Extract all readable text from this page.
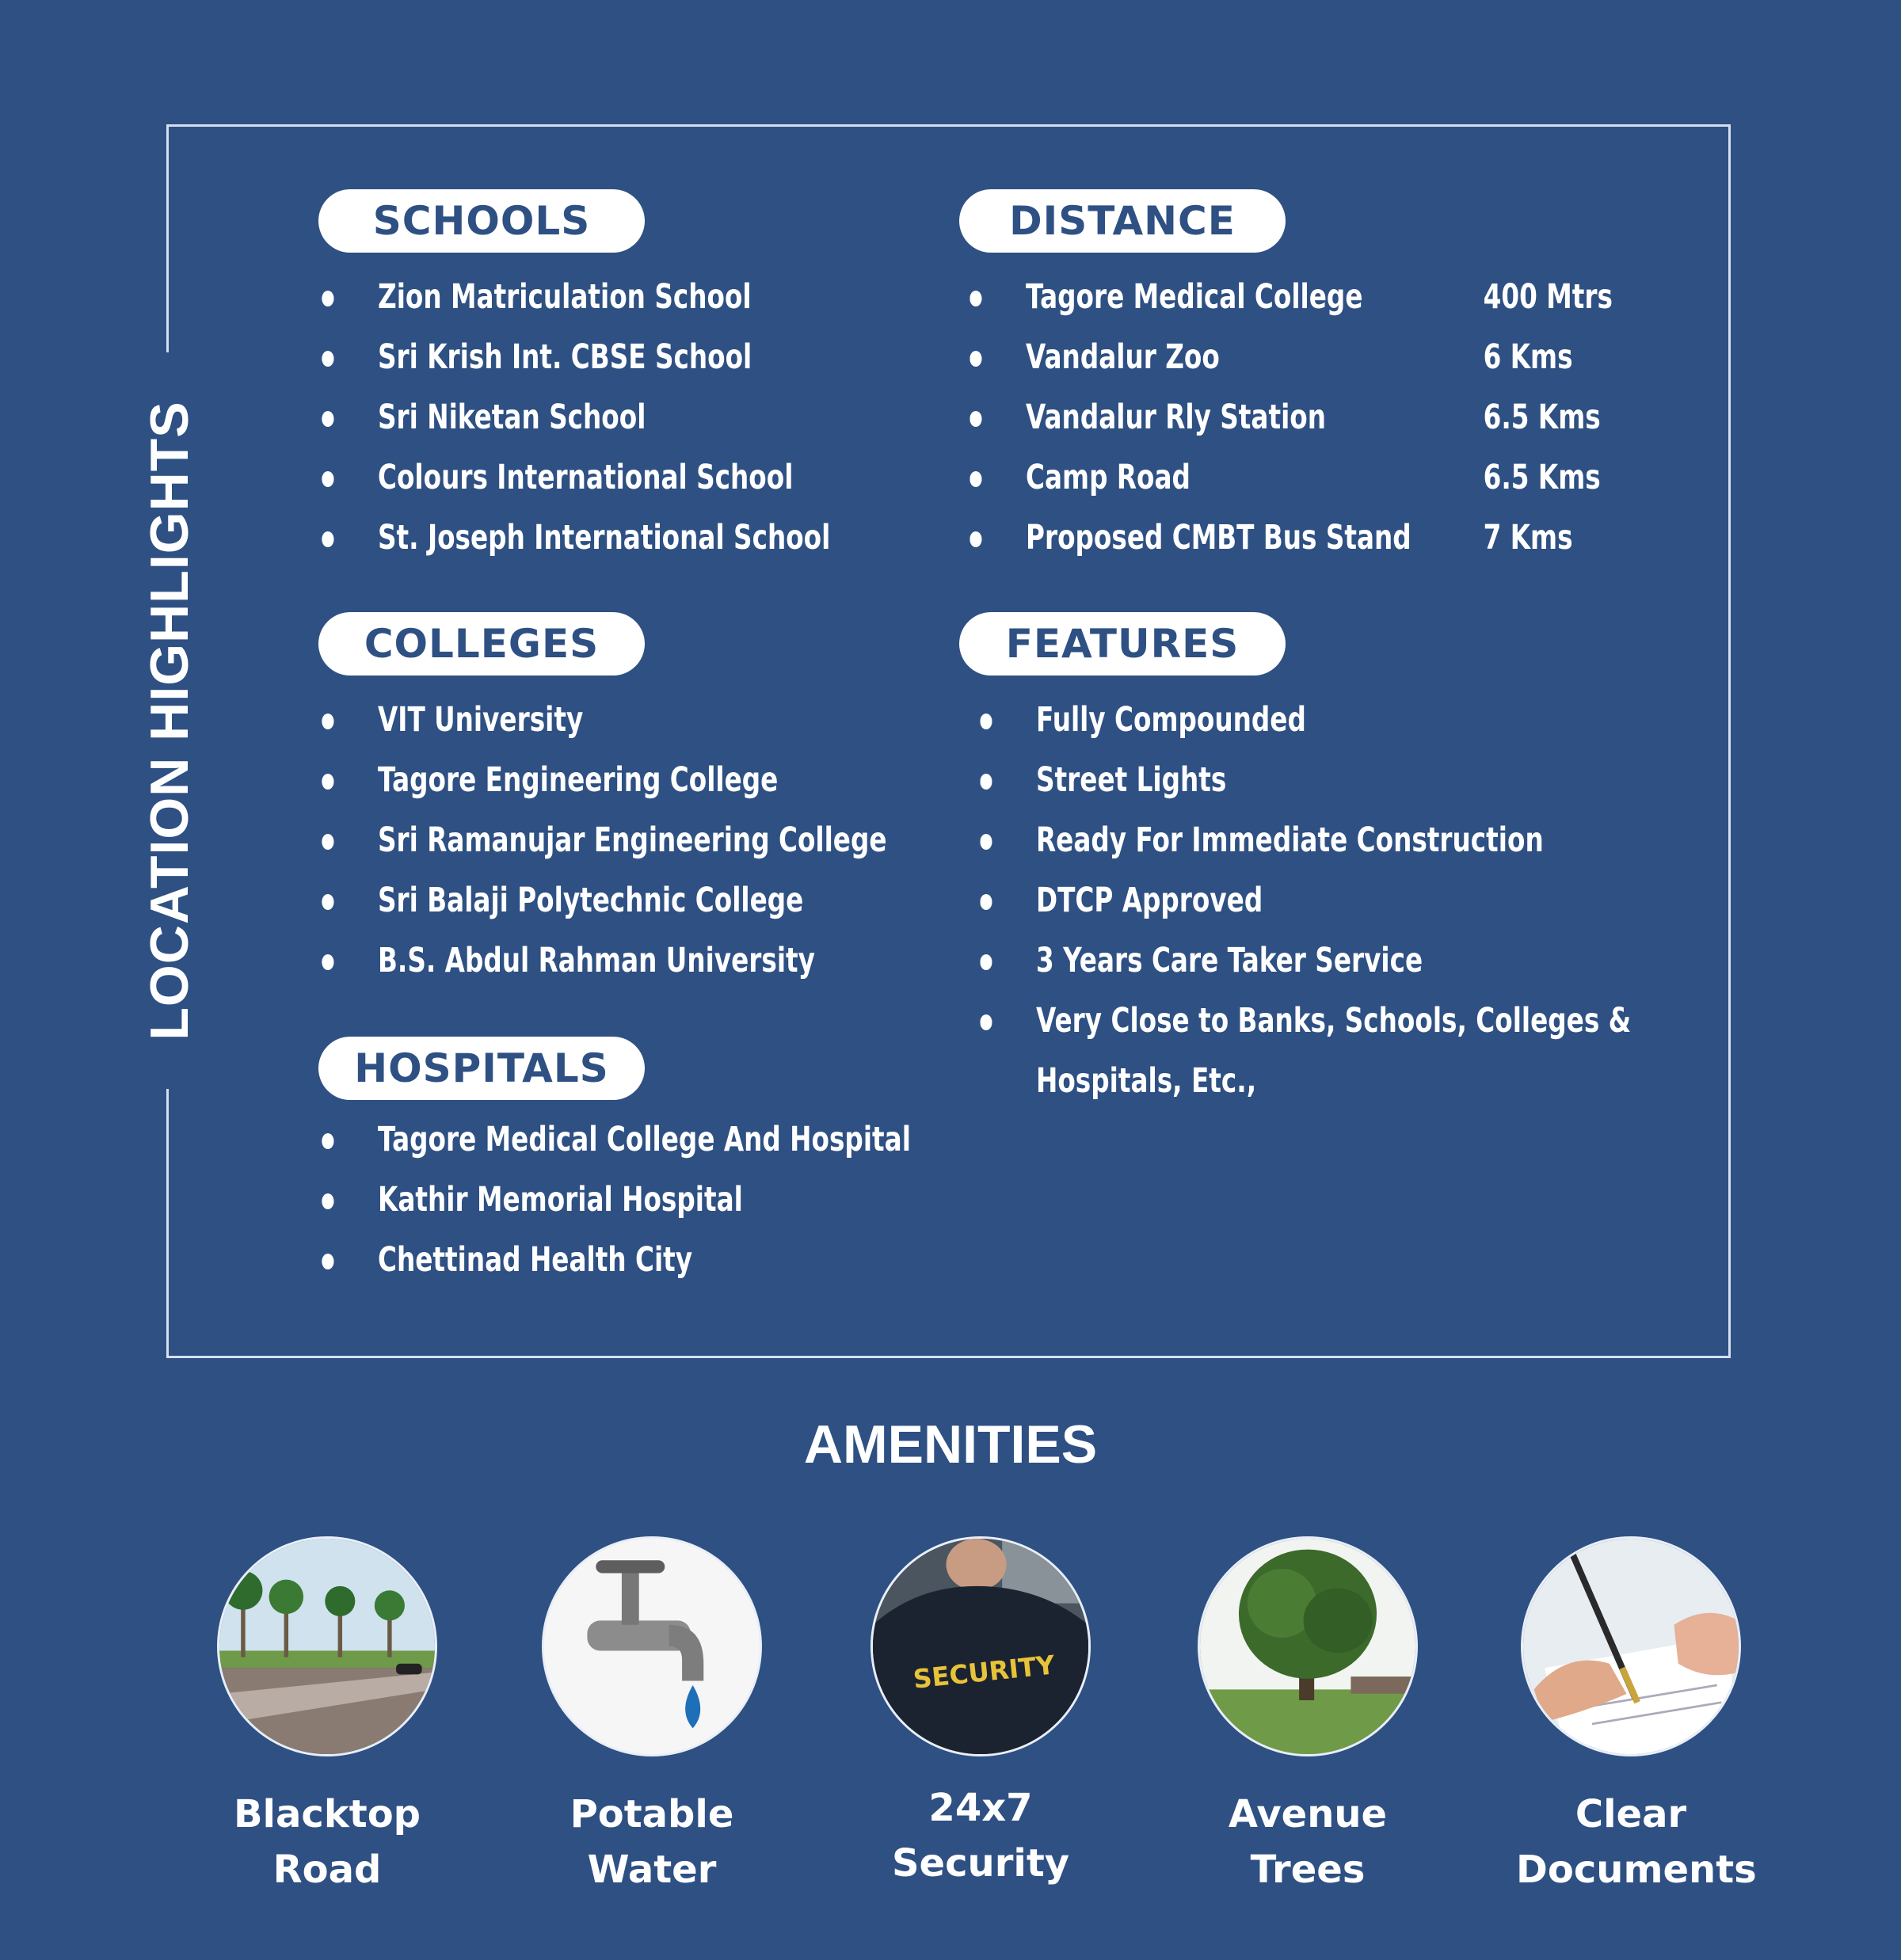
LOCATION HIGHLIGHTS
SCHOOLS
Zion Matriculation School
Sri Krish Int. CBSE School
Sri Niketan School
Colours International School
St. Joseph International School
COLLEGES
VIT University
Tagore Engineering College
Sri Ramanujar Engineering College
Sri Balaji Polytechnic College
B.S. Abdul Rahman University
HOSPITALS
Tagore Medical College And Hospital
Kathir Memorial Hospital
Chettinad Health City
DISTANCE
Tagore Medical College	400 Mtrs
Vandalur Zoo	6 Kms
Vandalur Rly Station	6.5 Kms
Camp Road	6.5 Kms
Proposed CMBT Bus Stand 7 Kms
FEATURES
Fully Compounded
Street Lights
Ready For Immediate Construction
DTCP Approved
3 Years Care Taker Service
Very Close to Banks, Schools, Colleges &
Hospitals, Etc.,
AMENITIES
Blacktop
Road
Potable
Water
SECURITY
24x7
Security
Avenue
Trees
Clear
Documents
